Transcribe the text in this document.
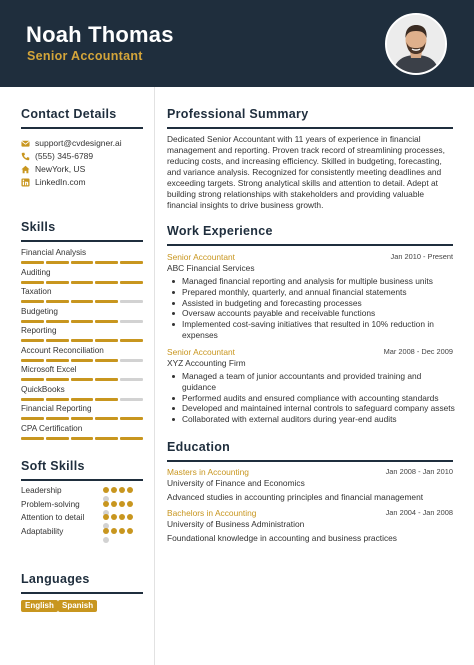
Noah Thomas
Senior Accountant
Contact Details
support@cvdesigner.ai
(555) 345-6789
NewYork, US
LinkedIn.com
Skills
Financial Analysis
Auditing
Taxation
Budgeting
Reporting
Account Reconciliation
Microsoft Excel
QuickBooks
Financial Reporting
CPA Certification
Soft Skills
Leadership
Problem-solving
Attention to detail
Adaptability
Languages
English	Spanish
Professional Summary
Dedicated Senior Accountant with 11 years of experience in financial management and reporting. Proven track record of streamlining processes, reducing costs, and increasing efficiency. Skilled in budgeting, forecasting, and variance analysis. Recognized for consistently meeting deadlines and exceeding targets. Strong analytical skills and attention to detail. Adept at building strong relationships with stakeholders and providing valuable financial insights to drive business growth.
Work Experience
Senior Accountant	Jan 2010 - Present
ABC Financial Services
Managed financial reporting and analysis for multiple business units
Prepared monthly, quarterly, and annual financial statements
Assisted in budgeting and forecasting processes
Oversaw accounts payable and receivable functions
Implemented cost-saving initiatives that resulted in 10% reduction in expenses
Senior Accountant	Mar 2008 - Dec 2009
XYZ Accounting Firm
Managed a team of junior accountants and provided training and guidance
Performed audits and ensured compliance with accounting standards
Developed and maintained internal controls to safeguard company assets
Collaborated with external auditors during year-end audits
Education
Masters in Accounting	Jan 2008 - Jan 2010
University of Finance and Economics
Advanced studies in accounting principles and financial management
Bachelors in Accounting	Jan 2004 - Jan 2008
University of Business Administration
Foundational knowledge in accounting and business practices
